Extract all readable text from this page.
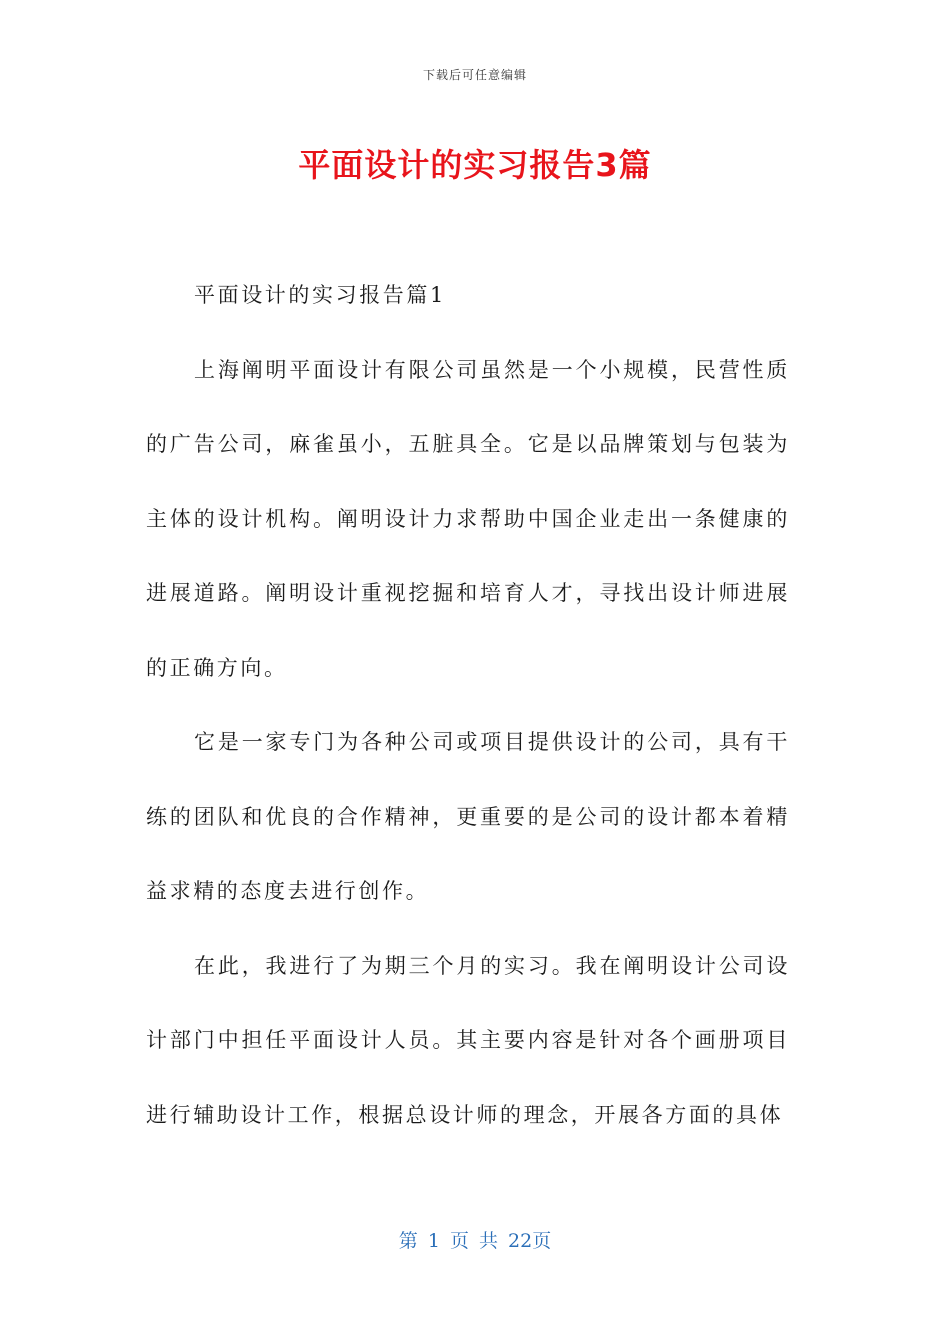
下载后可任意编辑
平面设计的实习报告3篇

平面设计的实习报告篇1

上海阐明平面设计有限公司虽然是一个小规模，民营性质的广告公司，麻雀虽小，五脏具全。它是以品牌策划与包装为主体的设计机构。阐明设计力求帮助中国企业走出一条健康的进展道路。阐明设计重视挖掘和培育人才，寻找出设计师进展的正确方向。

它是一家专门为各种公司或项目提供设计的公司，具有干练的团队和优良的合作精神，更重要的是公司的设计都本着精益求精的态度去进行创作。

在此，我进行了为期三个月的实习。我在阐明设计公司设计部门中担任平面设计人员。其主要内容是针对各个画册项目进行辅助设计工作，根据总设计师的理念，开展各方面的具体

第 1 页 共 22页
